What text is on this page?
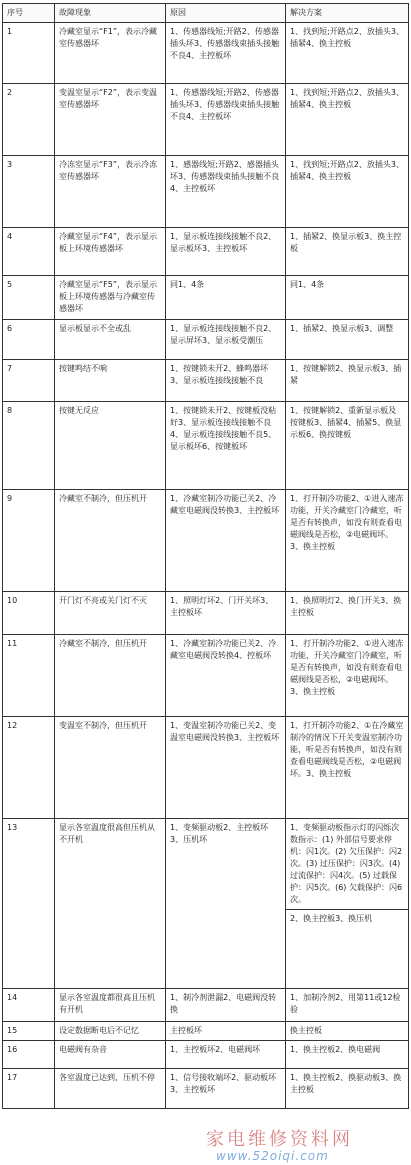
序号	故障现象	原因	解决方案
1	冷藏室显示“F1”，表示冷藏室传感器坏	1、传感器线短;开路2、传感器插头坏3、传感器线束插头接触不良4、主控板坏	1、找到短;开路点2、放插头3、插紧4、换主控板
2	变温室显示“F2”，表示变温室传感器坏	1、传感器线短;开路2、传感器插头坏3、传感器线束插头接触不良4、主控板坏	1、找到短;开路点2、放插头3、插紧4、换主控板
3	冷冻室显示“F3”，表示冷冻室传感器坏	1、感器线短;开路2、感器插头坏3、传感器线束插头接触不良4、主控板坏	1、找到短;开路点2、放插头3、插紧4、换主控板
4	冷藏室显示“F4”，表示显示板上环境传感器坏	1、显示板连接线接触不良2、显示板坏3、主控板坏	1、插紧2、换显示板3、换主控板
5	冷藏室显示“F5”，表示显示板上环境传感器与冷藏室传感器坏	同1、4条	同1、4条
6	显示板显示不全或乱	1、显示板连接线接触不良2、显示屏坏3、显示板受潮压	1、插紧2、换显示板3、调整
7	按键鸣结不响	1、按键锁未开2、蜂鸣器坏3、显示板连接线接触不良	1、按键解锁2、换显示板3、插紧
8	按键无反应	1、按键锁未开2、按键板没粘好3、显示板连接线接触不良4、显示板连接线接触不良5、显示板坏6、按键板坏	1、按键解锁2、重新显示板及按键板3、插紧4、插紧5、换显示板6、换按键板
9	冷藏室不制冷，但压机开	1、冷藏室制冷功能已关2、冷藏室电磁阀没转换3、主控板坏	1、打开制冷功能2、①进入速冻功能，开关冷藏室门冷藏室，听是否有转换声，如没有则查看电磁阀线是否松，②电磁阀坏。3、换主控板
10	开门灯不亮或关门灯不灭	1、照明灯坏2、门开关坏3、主控板坏	1、换照明灯2、换门开关3、换主控板
11	冷藏室不制冷，但压机开	1、冷藏室制冷功能已关2、冷藏室电磁阀没转换4、控板坏	1、打开制冷功能2、①进入速冻功能，开关冷藏室门冷藏室，听是否有转换声，如没有则查看电磁阀线是否松，②电磁阀坏。3、换主控板
12	变温室不制冷，但压机开	1、变温室制冷功能已关2、变温室电磁阀没转换3、主控板坏	1、打开制冷功能2、①在冷藏室制冷的情况下开关变温室制冷功能，听是否有转换声，如没有则查看电磁阀线是否松，②电磁阀坏。3、换主控板
13	显示各室温度很高但压机从不开机	1、变频驱动板2、主控板坏3、压机坏	1、变频驱动板指示灯的闪烁次数指示：(1) 外部信号要求停机：闪1次。(2) 欠压保护：闪2次。(3) 过压保护：闪3次。(4) 过流保护：闪4次。(5) 过载保护：闪5次。(6) 欠载保护：闪6次。
2、换主控板3、换压机

14	显示各室温度都很高且压机有开机	1、制冷剂泄漏2、电磁阀没转换	1、加制冷剂2、用第11或12检验
15	设定数据断电后不记忆	主控板坏	换主控板
16	电磁阀有杂音	1、主控板坏2、电磁阀坏	1、换主控板2、换电磁阀
17	各室温度已达到，压机不停	1、信号接收端坏2、驱动板坏3、主控板坏	1、换主控板2、换驱动板3、换主控板
家电维修资料网
www.52oiqi.com
